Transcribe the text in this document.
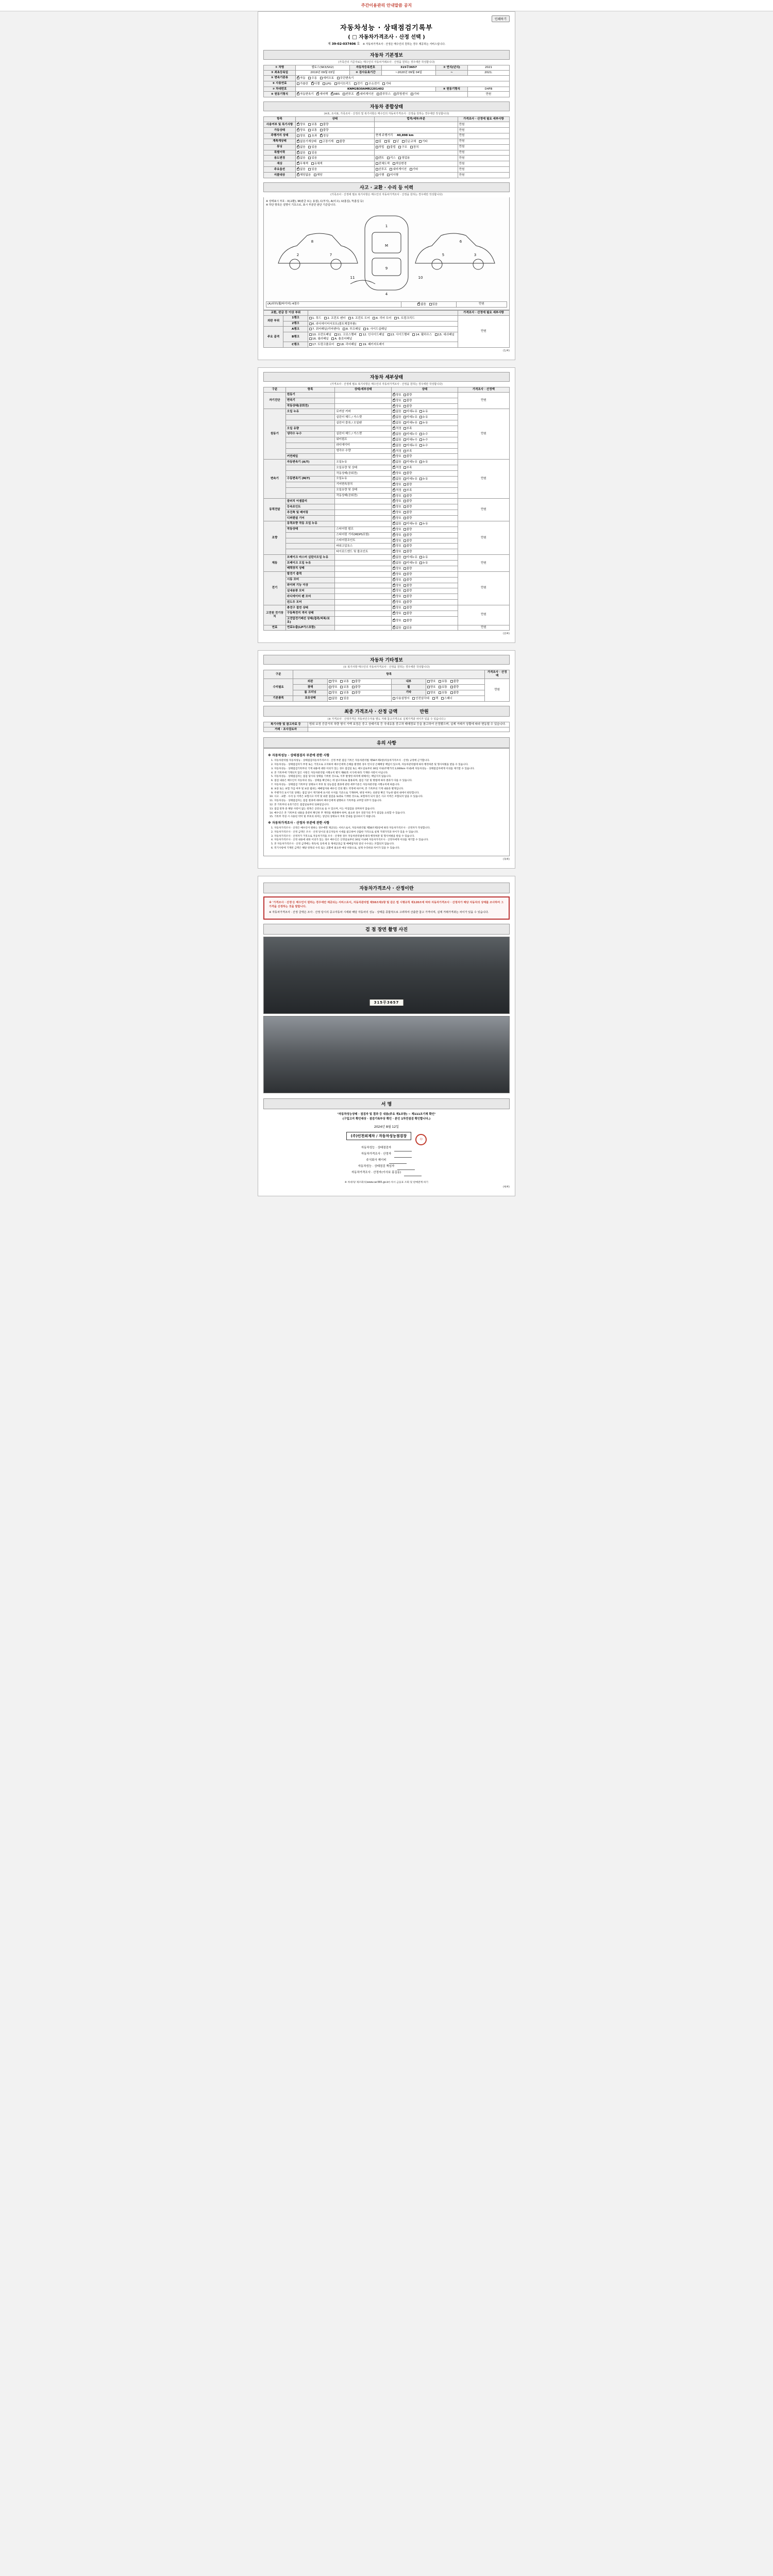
주간이용관리 안내말씀 공지
인쇄하기
자동차성능 · 상태점검기록부
( □ 자동차가격조사 · 산정 선택 )
제 39-02-037406 호 ※ 자동차가격조사 · 산정은 매수인의 원하는 경우 제공하는 서비스입니다.
자동차 기본정보
(가족간의 기준자료는 매수인의 자동차거래조사 · 산정을 원하는 경우에만 작성합니다)
① 차명	셀토스(SK3/SX2)	자동차등록번호	315무3657	② 연식(년식)	2021
③ 최초등록일	2019년 09월 03일	④ 검사유효기간	~2020년 09월 04일	~	2021.
⑤ 변속기종류	✔자동 수동 세미오토 무단변속기
⑥ 사용연료	가솔린 ✔ 디젤 LPG 하이브리드 전기 수소전기 기타
⑦ 차대번호	KNM2B30AMR2201402			⑧ 원동기형식	D4FB
⑨ 원동기형식	✔자동변속기 ✔ 에어백 ✔ ABS 썬루프 ✔ 네비게이션 블루투스 후방센서 기타				만원
자동차 종합상태
(※표, 조사표, 가족조사 · 산정의 및 복기사항은 매수인의 자동차가격조사 · 산정을 원하는 경우에만 작성합니다)
항목	상태	법적/세부/부분	가격조사 · 산정에 필요 세부사항
사용여부 및 특기사항	✔양호 보통 불량		만원
가동상태	✔양호 보통 불량		만원
주행거리 상태	양호 초과 ✔ 정상	현재 주행거리 40,898 km	만원
계측계상태	✔없음기계상태 고장기계 불량	일 월 년 단순교체 기타	만원
튜닝	✔없음 있음	적법 불법 구조 장치	만원
특별이력	✔없음 있음		만원
용도변경	✔없음 있음	렌트 리스 영업용	만원
색상	✔무채색 유채색	전체도색 색상변경	만원
주요옵션	✔없음 있음	선루프 내비게이션 기타	만원
리콜대상	✔해당없음 해당	이행 미이행	만원
사고 · 교환 · 수리 등 이력
(가족조사 · 산정에 필요 복기사항은 매수인의 자동차가격조사 · 산정을 원하는 경우에만 작성합니다)
※ 상태표시 부호 : X(교환), W(판금 또는 용접), C(부식), A(사고), U(흠집), T(흠집 등)
※ 하단 항목은 설명이 기초으로, 표시 부분만 판단 기준입니다.
8
2	7
1
M
9
4
6
3
5
10
11
(A)외부(휠/타이어) 4점수	✔없음 있음	만원
교환, 판금 등 이상 부위			가격조사 · 산정에 필요 세부사항
외판 부위	1랭크	1. 후드 2. 프런트 펜더 3. 프런트 도어 4. 리어 도어 5. 트렁크리드	만원
	2랭크	6. 라디에이터서포트(볼트체결부품)	
주요 골격	A랭크	7. 쿼터패널(리어펜더) 8. 루프패널 9. 사이드실패널	
	B랭크	10. 프런트패널 11. 크로스멤버 12. 인사이드패널 13. 사이드멤버 14. 휠하우스 15. 대쉬패널 16. 필러패널 A. 플로어패널	
	C랭크	17. 트렁크플로어 18. 리어패널 19. 패키지트레이	
(1/4)
자동차 세부상태
(가격조사 · 산정에 필요 복기사항은 매수인의 자동차가격조사 · 산정을 원하는 경우에만 작성합니다)
구분	항목	상태/세부상태	상태	가격조사 · 산정액
자기진단	원동기		✔양호 불량	만원
	변속기		✔양호 불량
	작동상태(공회전)		✔양호 불량
원동기	오일 누유	로커암 커버	✔없음 미세누유 누유	만원
		실린더 헤드 / 가스켓	✔없음 미세누유 누유
		실린더 블록 / 오일팬	✔없음 미세누유 누유
	오일 유량		✔적정 부족
	냉각수 누수	실린더 헤드 / 가스켓	✔없음 미세누수 누수
		워터펌프	✔없음 미세누수 누수
		라디에이터	✔없음 미세누수 누수
		냉각수 수량	✔적정 부족
	커먼레일		✔양호 불량
변속기	자동변속기 (A/T)	오일누유	✔없음 미세누유 누유	만원
		오일유량 및 상태	✔적정 부족
		작동상태(공회전)	✔양호 불량
	수동변속기 (M/T)	오일누유	✔없음 미세누유 누유
		기어변속장치	✔양호 불량
		오일유량 및 상태	✔적정 부족
		작동상태(공회전)	✔양호 불량
동력전달	클러치 어셈블리		✔양호 불량	만원
	등속조인트		✔양호 불량
	추진축 및 베어링		✔양호 불량
	디퍼렌셜 기어		✔양호 불량
조향	동력조향 작동 오일 누유		✔없음 미세누유 누유	만원
	작동상태	스티어링 펌프	✔양호 불량
		스티어링 기어(MDPS포함)	✔양호 불량
		스티어링조인트	✔양호 불량
		파워고압호스	✔양호 불량
		타이로드엔드 및 볼조인트	✔양호 불량
제동	브레이크 마스터 실린더오일 누유		✔없음 미세누유 누유	만원
	브레이크 오일 누유		✔없음 미세누유 누유
	배력장치 상태		✔양호 불량
전기	발전기 출력		✔양호 불량	만원
	시동 모터		✔양호 불량
	와이퍼 기능 이상		✔양호 불량
	실내송풍 모터		✔양호 불량
	라디에이터 팬 모터		✔양호 불량
	윈도우 모터		✔양호 불량
고전원 전기장치	충전구 절연 상태		✔양호 불량	만원
	구동축전지 격리 상태		✔양호 불량
	고전압전기배선 상태(접촉/피복/보호)		✔양호 불량
연료	연료누출(LP가스포함)		✔없음 있음	만원
(2/4)
자동차 기타정보
(① 복기사항 매수인의 자동차가격조사 · 산정을 원하는 경우에만 작성합니다)
구분	항목				가격조사 · 산정액
수리필요	외판	양호 보통 불량	내부	양호 보통 불량	만원
	광택	양호 보통 불량	휠	양호 보통 불량	
	룸 크리닝	양호 보통 불량	기타	양호 보통 불량	
기본품목	보유상태	없음 있음	사용설명서 안전삼각대 잭 스패너		
최종 가격조사 · 산정 금액	만원
(※ 가격조사 · 산정가격은 자동차인수자용 별도 거래 참고가격으로 실제가격과 차이가 있을 수 있습니다.)
복기사항 및 참고자료 등	범위 보정 증감가치 차량 형식 가액 보정은 중고 상태기록 등 국내유통 중고차 매매정보 등을 참고하여 산정했으며, 실제 거래가 상황에 따라 변동될 수 있습니다.
거래 · 조사검토자	
유의 사항
※ 자동차성능 · 상태점검자 부분에 관한 사항
1. 자동차관리법 자동차성능 · 상태점검자동차가격조사 · 산정 부분 점검 기록은 자동차관리법 제58조제1항(자동차가격조사 · 산정) 규정에 근거합니다.
2. 자동차성능 · 상태점검자가 부정 또는 거짓으로 고지하여 매수인에게 손해를 발생한 경우 민사상 손해배상 책임이 있으며, 자동차관리법에 따라 행정처분 및 형사처벌을 받을 수 있습니다.
3. 자동차성능 · 상태점검기록부의 기재 내용에 대한 이의가 있는 경우 점검일 또는 매도일로부터 30일 이내(주행거리 2,000km 이내)에 자동차성능 · 상태점검자에게 이의를 제기할 수 있습니다.
4. 본 기록부에 기재되지 않은 사항은 자동차관리법 시행규칙 별지 제82호 서식에 따라 기재한 사항이 아닙니다.
5. 자동차성능 · 상태점검자는 점검 당시의 상태를 기록한 것으로, 이후 발생한 하자에 대해서는 책임지지 않습니다.
6. 점검 내용은 매수인이 자동차의 성능 · 상태를 확인하는 데 참고자료로 활용되며, 점검 기준 및 방법에 따라 결과가 다를 수 있습니다.
7. 자동차성능 · 상태점검 기록부상 상태표시 부호 및 성능점검 결과에 관한 세부기준은 자동차관리법 시행규칙에 따릅니다.
8. 보증 또는 보험 가입 여부 및 보증 범위는 매매업자와 매수인 간의 별도 약정에 따르며, 본 기록부의 기재 내용과 별개입니다.
9. 주행거리 표시기의 상태는 점검 당시 계기판에 표시된 수치를 기준으로 기재하며, 변경 여부는 외관상 확인 가능한 범위 내에서 판단합니다.
10. 사고 · 교환 · 수리 등 이력은 보험사고 이력 및 외관 점검을 토대로 기재한 것으로, 보험처리 되지 않은 사고 이력은 포함되지 않을 수 있습니다.
11. 자동차성능 · 상태점검자는 점검 결과에 대하여 매수인에게 설명하고 기록부를 교부할 의무가 있습니다.
12. 본 기록부의 유효기간은 점검일로부터 120일입니다.
13. 점검 항목 중 해당 사항이 없는 항목은 공란으로 둘 수 있으며, 이는 미점검을 의미하지 않습니다.
14. 매수인은 본 기록부의 내용을 충분히 확인한 후 계약을 체결해야 하며, 필요한 경우 전문가의 추가 점검을 요청할 수 있습니다.
15. 기록부 작성 시 사용된 약어 및 부호의 의미는 상단의 상태표시 부호 안내를 참고하시기 바랍니다.
※ 자동차가격조사 · 산정자 부분에 관한 사항
1. 자동차가격조사 · 산정은 매수인이 원하는 경우에만 제공되는 서비스로서, 자동차관리법 제58조제1항에 따라 자동차가격조사 · 산정자가 작성합니다.
2. 자동차가격조사 · 산정 금액은 조사 · 산정 당시의 중고자동차 시세를 참고하여 산출한 가격으로 실제 거래가격과 차이가 있을 수 있습니다.
3. 자동차가격조사 · 산정자가 거짓으로 자동차가격을 조사 · 산정한 경우 자동차관리법에 따라 행정처분 및 형사처벌을 받을 수 있습니다.
4. 자동차가격조사 · 산정 내용에 대한 이의가 있는 경우 매수인은 산정일로부터 30일 이내에 자동차가격조사 · 산정자에게 이의를 제기할 수 있습니다.
5. 본 자동차가격조사 · 산정 금액에는 취득세, 등록세 등 제세공과금 및 매매업자의 알선 수수료는 포함되지 않습니다.
6. 복기사항에 기재된 금액은 해당 항목의 수리 또는 교환에 필요한 예상 비용으로, 실제 수리비와 차이가 있을 수 있습니다.
(3/4)
자동차가격조사 · 산정이란
※ '가격조사 · 산정'은 매수인이 원하는 경우에만 제공되는 서비스로서, 자동차관리법 제58조제1항 및 같은 법 시행규칙 제120조에 따라 자동차가격조사 · 산정자가 해당 자동차의 상태를 조사하여 그 가격을 산정하는 것을 말합니다.
※ 자동차가격조사 · 산정 금액은 조사 · 산정 당시의 중고자동차 시세와 해당 자동차의 성능 · 상태를 종합적으로 고려하여 산출한 참고 가격이며, 실제 거래가격과는 차이가 있을 수 있습니다.
검 점 장면 촬영 사진
315무3657
서 명
"자동차성능상태 · 점검자 및 결과 등 내용(주요 제1조항) ~ 제111조기재 확인"
(구입고지 확인대상 · 점검기록부상 확인 · 본인 1차전점검 확인합니다.)
2024년 8월 12일
(주)인천외제차 / 자동차성능점검장 印
자동차성능 · 상태점검자

자동차가격조사 · 산정자

주식회사 제이피

자동차성능 · 상태점검 책임자

자동차가격조사 · 산정자(이사보 홍길동)

※ 차대자/ 제조회사(www.car365.go.kr) 차시 금융표 조회 및 판매관계 하기
(4/4)
